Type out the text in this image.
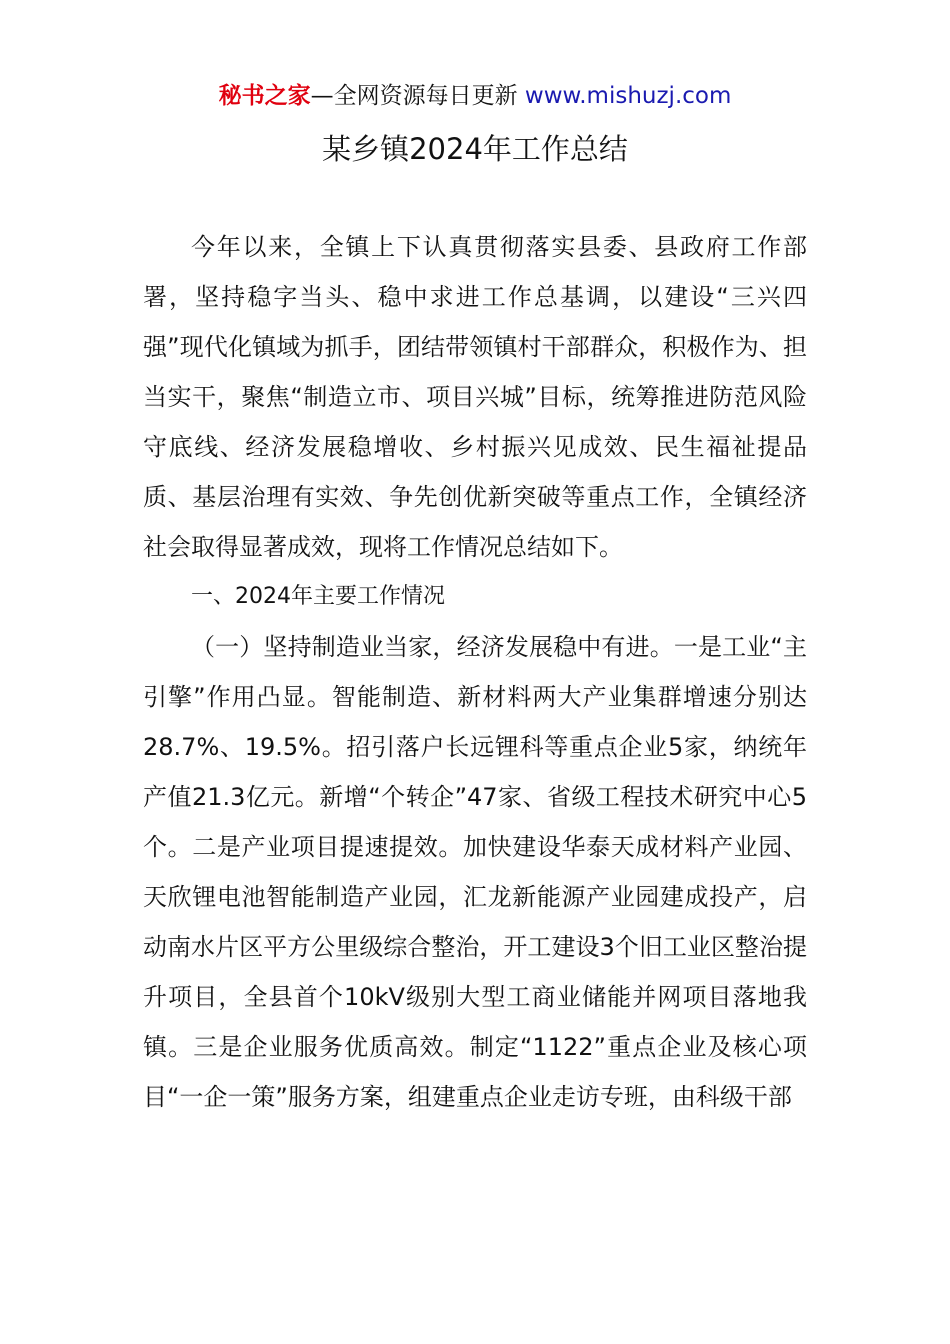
秘书之家—全网资源每日更新 www.mishuzj.com
某乡镇2024年工作总结

今年以来，全镇上下认真贯彻落实县委、县政府工作部署，坚持稳字当头、稳中求进工作总基调，以建设“三兴四强”现代化镇域为抓手，团结带领镇村干部群众，积极作为、担当实干，聚焦“制造立市、项目兴城”目标，统筹推进防范风险守底线、经济发展稳增收、乡村振兴见成效、民生福祉提品质、基层治理有实效、争先创优新突破等重点工作，全镇经济社会取得显著成效，现将工作情况总结如下。

一、2024年主要工作情况

（一）坚持制造业当家，经济发展稳中有进。一是工业“主引擎”作用凸显。智能制造、新材料两大产业集群增速分别达28.7%、19.5%。招引落户长远锂科等重点企业5家，纳统年产值21.3亿元。新增“个转企”47家、省级工程技术研究中心5个。二是产业项目提速提效。加快建设华泰天成材料产业园、天欣锂电池智能制造产业园，汇龙新能源产业园建成投产，启动南水片区平方公里级综合整治，开工建设3个旧工业区整治提升项目，全县首个10kV级别大型工商业储能并网项目落地我镇。三是企业服务优质高效。制定“1122”重点企业及核心项目“一企一策”服务方案，组建重点企业走访专班，由科级干部
